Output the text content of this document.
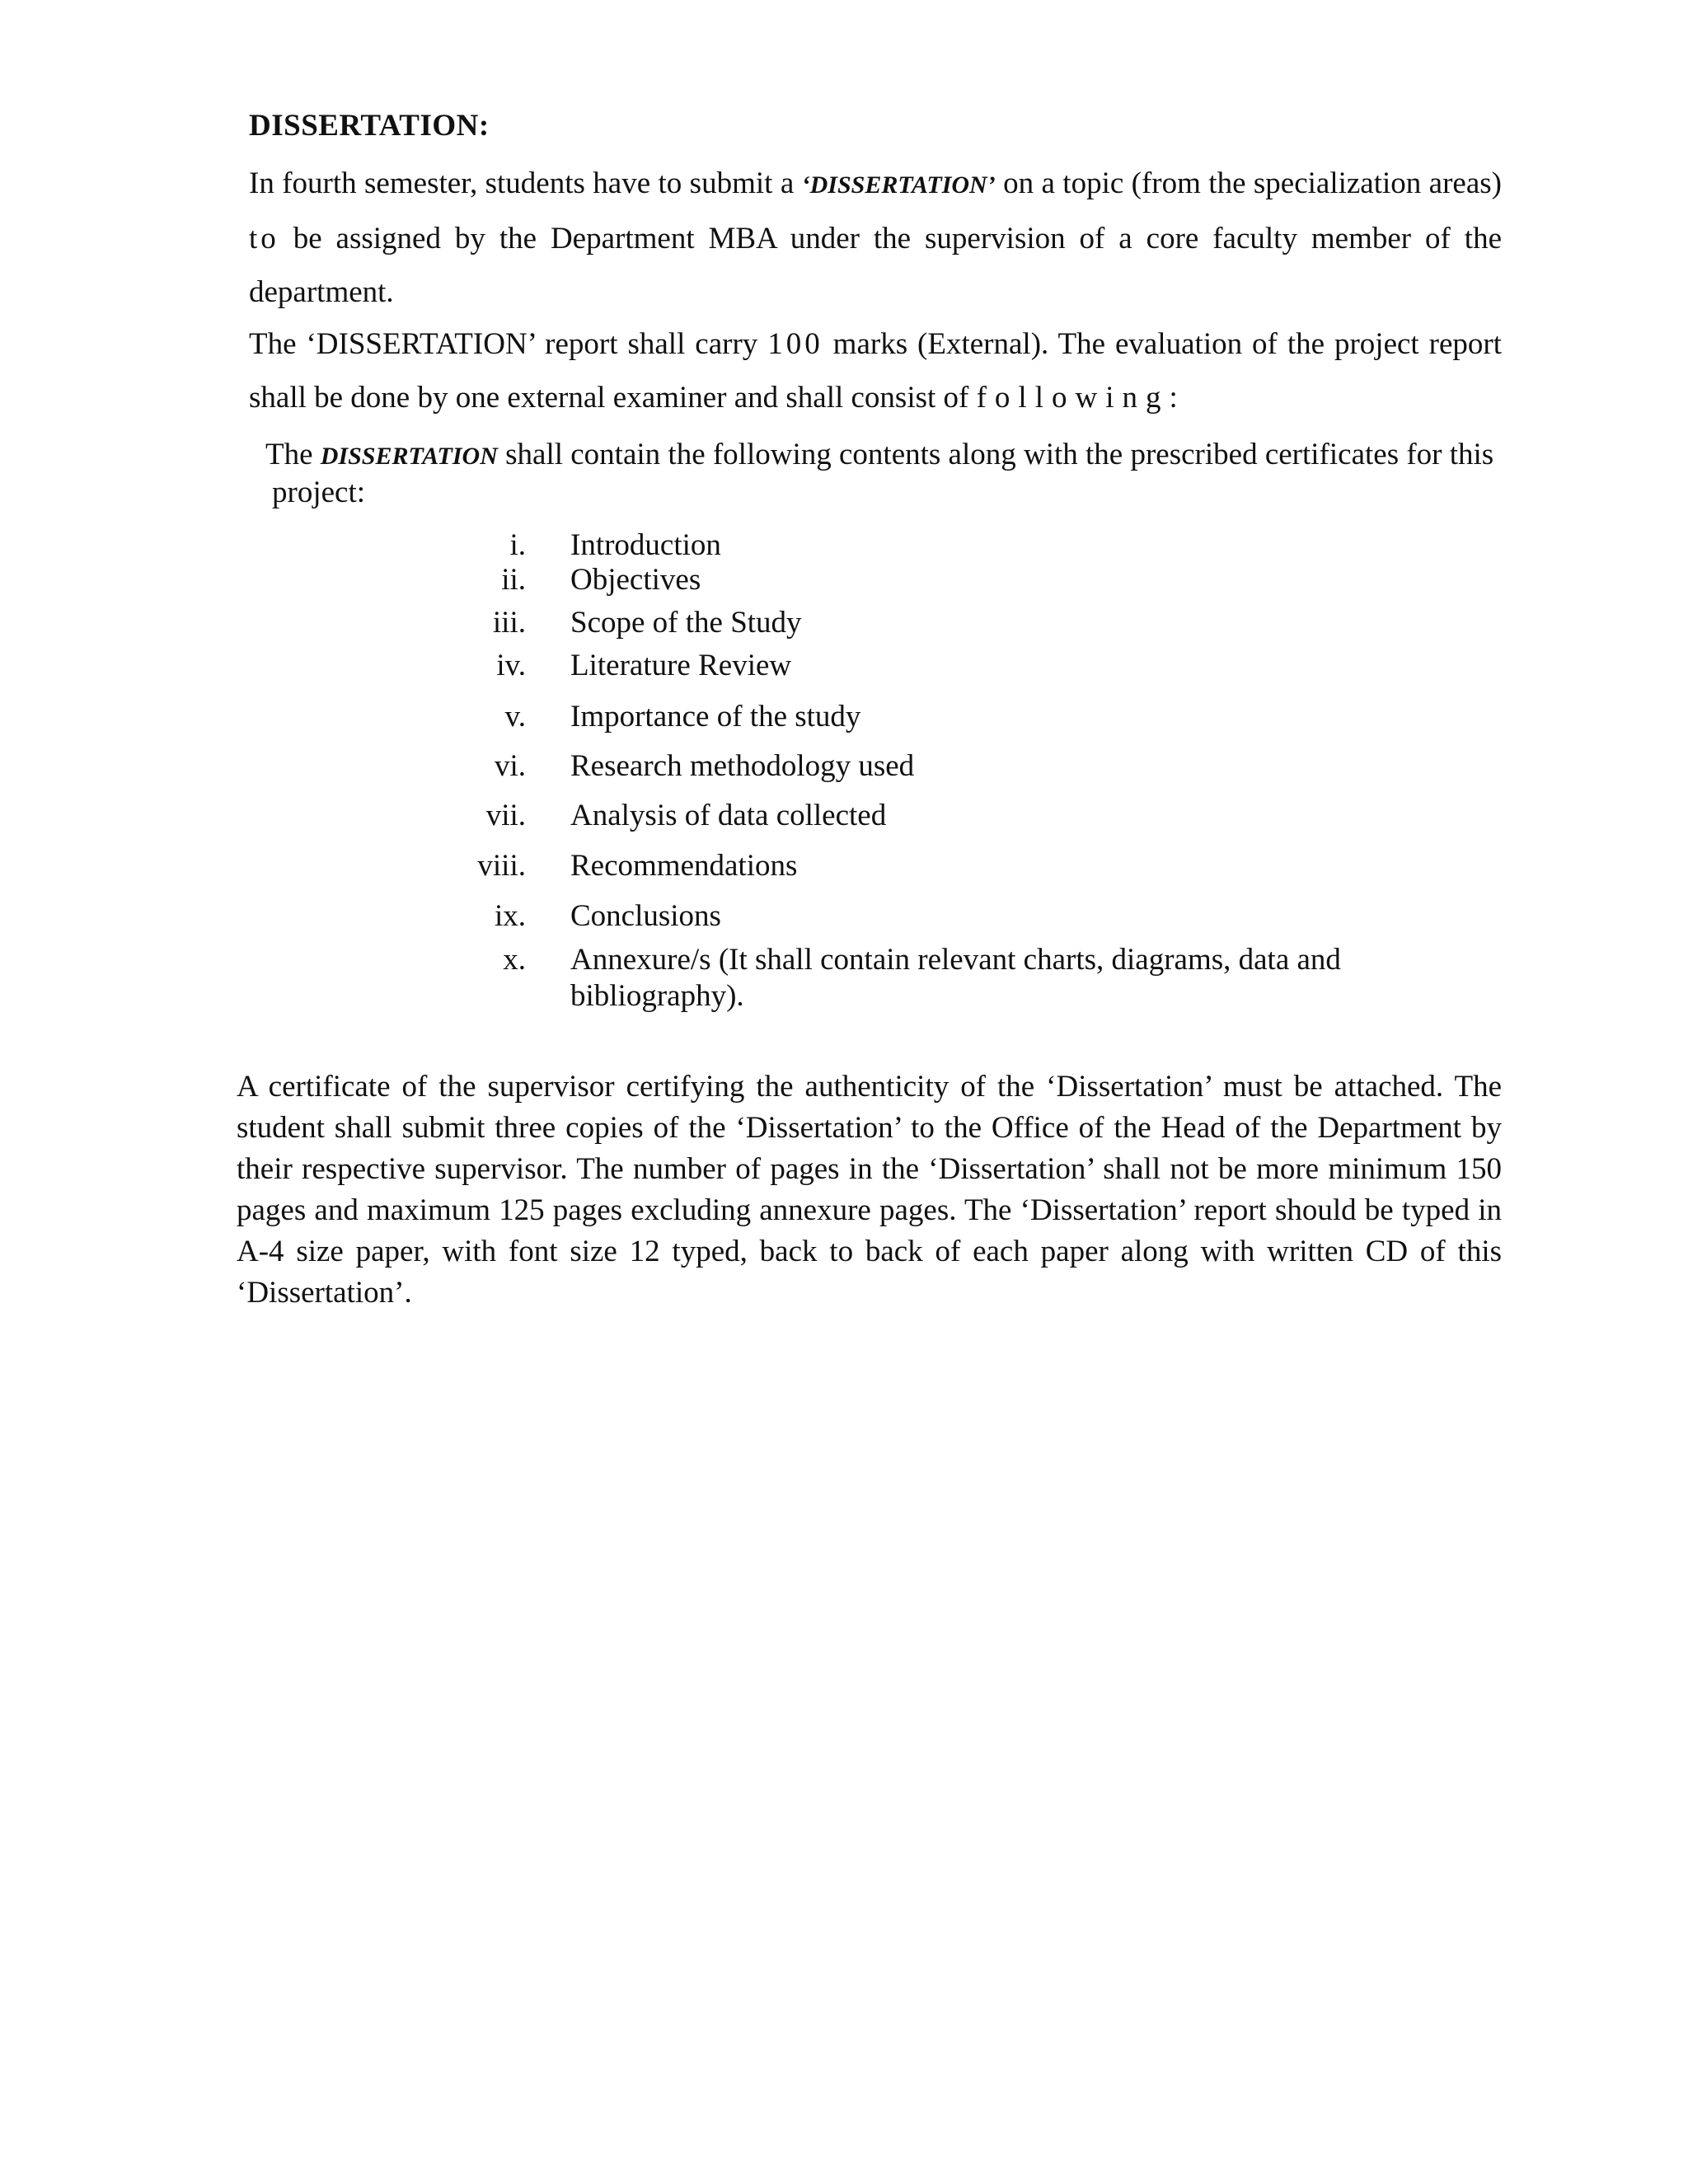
DISSERTATION:

In fourth semester, students have to submit a ‘DISSERTATION’ on a topic (from the specialization areas) to be assigned by the Department MBA under the supervision of a core faculty member of the department.

The ‘DISSERTATION’ report shall carry 100 marks (External). The evaluation of the project report shall be done by one external examiner and shall consist of following:

The DISSERTATION shall contain the following contents along with the prescribed certificates for this
project:
i. Introduction
ii. Objectives
iii. Scope of the Study
iv. Literature Review
v. Importance of the study
vi. Research methodology used
vii. Analysis of data collected
viii. Recommendations
ix. Conclusions
x. Annexure/s (It shall contain relevant charts, diagrams, data and bibliography).

A certificate of the supervisor certifying the authenticity of the ‘Dissertation’ must be attached. The student shall submit three copies of the ‘Dissertation’ to the Office of the Head of the Department by their respective supervisor. The number of pages in the ‘Dissertation’ shall not be more minimum 150 pages and maximum 125 pages excluding annexure pages. The ‘Dissertation’ report should be typed in A-4 size paper, with font size 12 typed, back to back of each paper along with written CD of this ‘Dissertation’.
